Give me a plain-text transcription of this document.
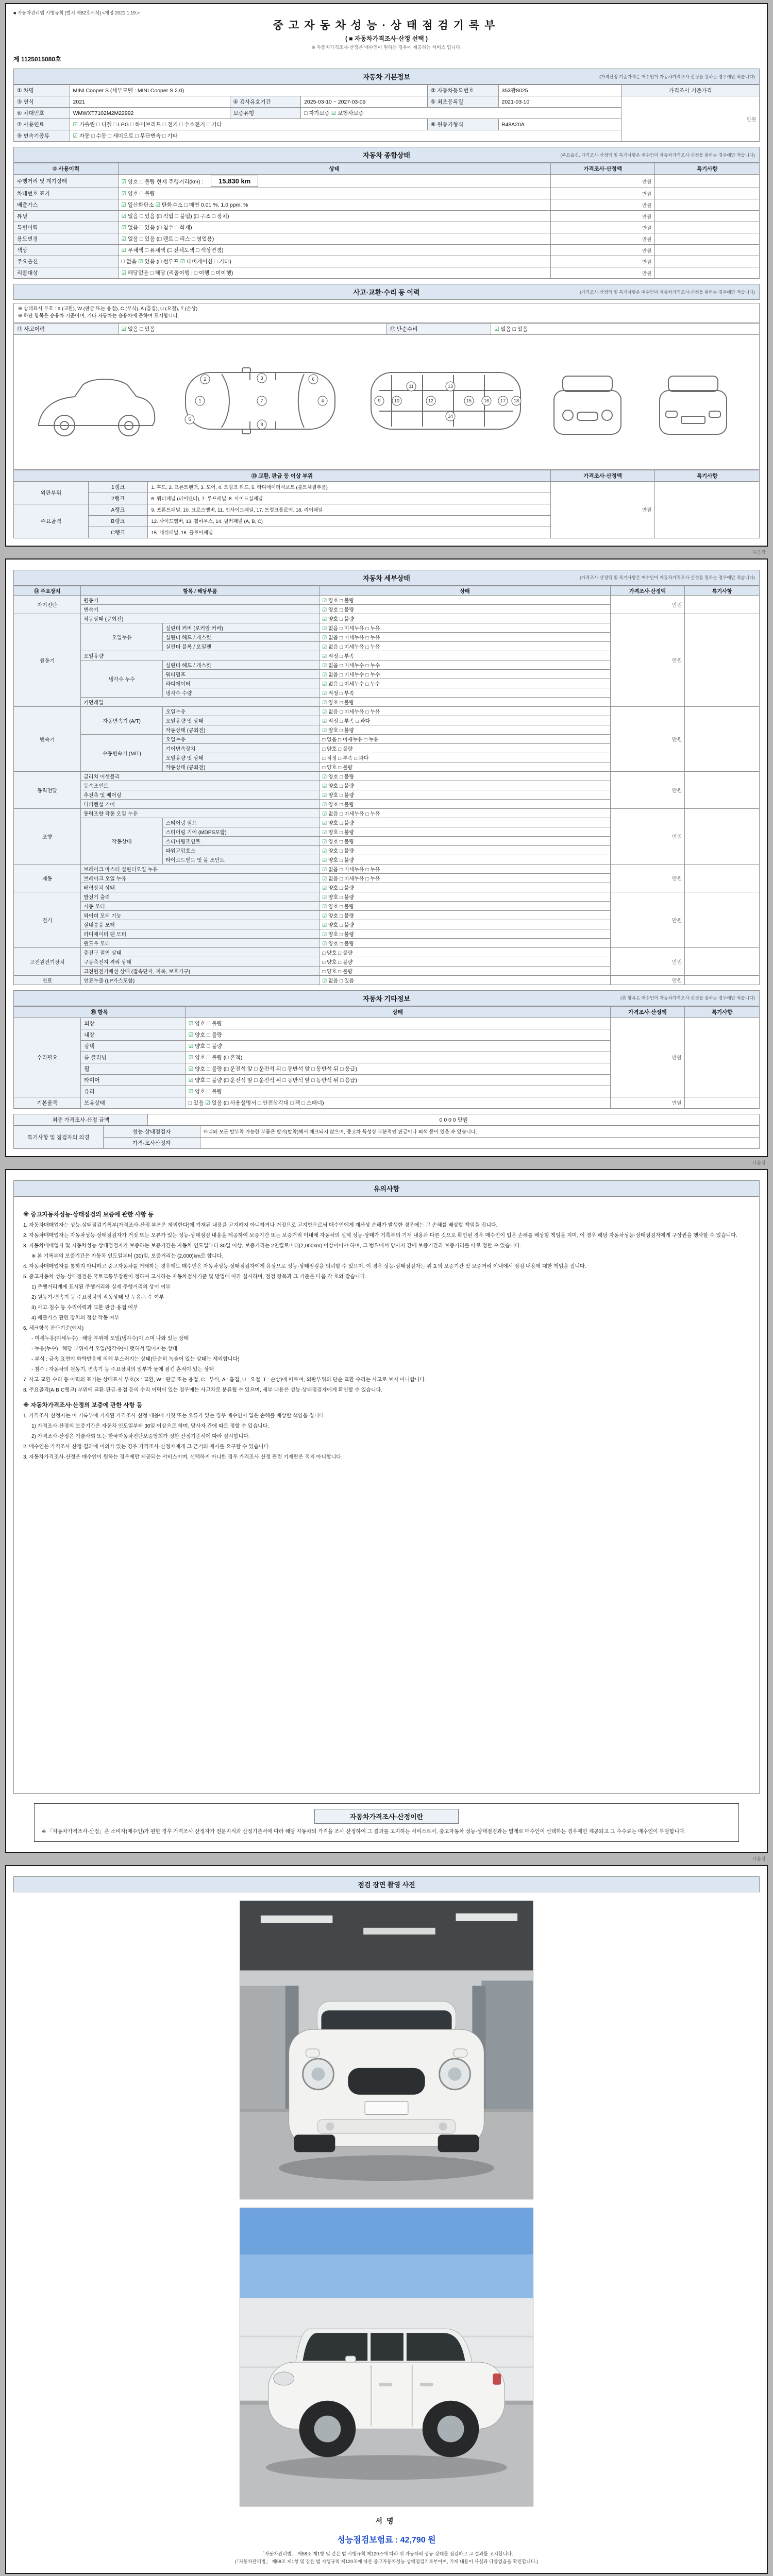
■ 자동차관리법 시행규칙 [별지 제82호서식] <개정 2021.1.19.>
중고자동차성능·상태점검기록부
( ■ 자동차가격조사·산정 선택 )
※ 자동차가격조사·산정은 매수인이 원하는 경우에 제공하는 서비스 입니다.
제 1125015080호
자동차 기본정보	(가격산정 기준가격은 매수인이 자동차가격조사·산정을 원하는 경우에만 적습니다)
① 차명	MINI Cooper S (세부모델 : MINI Cooper S 2.0)			② 자동차등록번호	353광8025	가격조사 기준가격
③ 연식	2021	④ 검사유효기간	2025-03-10 ~ 2027-03-09	⑤ 최초등록일	2021-03-10	만원
⑥ 차대번호	WMWXT7102M2M22992	보증유형	□ 자가보증 ☑ 보험사보증			
⑦ 사용연료	☑ 가솔린 □ 디젤 □ LPG □ 하이브리드 □ 전기 □ 수소전기 □ 기타			⑧ 원동기형식	B48A20A	
⑨ 변속기종류	☑ 자동 □ 수동 □ 세미오토 □ 무단변속 □ 기타					
자동차 종합상태	(주요옵션, 가격조사·산정액 및 특기사항은 매수인이 자동차가격조사·산정을 원하는 경우에만 적습니다)
⑩ 사용이력	상태	가격조사·산정액	특기사항
주행거리 및 계기상태	☑ 양호 □ 불량 현재 주행거리(km) : 15,830 km	만원	
차대번호 표기	☑ 양호 □ 불량	만원	
배출가스	☑ 일산화탄소 ☑ 탄화수소 □ 매연 0.01 %, 1.0 ppm, %	만원	
튜닝	☑ 없음 □ 있음 (□ 적법 □ 불법) (□ 구조 □ 장치)	만원	
특별이력	☑ 없음 □ 있음 (□ 침수 □ 화재)	만원	
용도변경	☑ 없음 □ 있음 (□ 렌트 □ 리스 □ 영업용)	만원	
색상	☑ 무채색 □ 유채색 (□ 전체도색 □ 색상변경)	만원	
주요옵션	□ 없음 ☑ 있음 (□ 썬루프 ☑ 네비게이션 □ 기타)	만원	
리콜대상	☑ 해당없음 □ 해당 (리콜이행 : □ 이행 □ 미이행)	만원	
사고·교환·수리 등 이력	(가격조사·산정액 및 특기사항은 매수인이 자동차가격조사·산정을 원하는 경우에만 적습니다)
※ 상태표시 부호 : X (교환), W (판금 또는 용접), C (부식), A (흠집), U (요철), T (손상)
※ 하단 항목은 승용차 기준이며, 기타 자동차는 승용차에 준하여 표시합니다.
⑪ 사고이력	☑ 없음 □ 있음	⑫ 단순수리	☑ 없음 □ 있음
1
2	3
4
5
6
7
8
9	10
11
12
13
14
15	16 17 18
⑬ 교환, 판금 등 이상 부위			가격조사·산정액	특기사항
외판부위	1랭크	1. 후드, 2. 프론트펜더, 3. 도어, 4. 트렁크 리드, 5. 라디에이터서포트 (볼트체결부품)	만원	
	2랭크	6. 쿼터패널 (리어펜더), 7. 루프패널, 8. 사이드실패널		
주요골격	A랭크	9. 프론트패널, 10. 크로스멤버, 11. 인사이드패널, 17. 트렁크플로어, 18. 리어패널		
	B랭크	12. 사이드멤버, 13. 휠하우스, 14. 필러패널 (A, B, C)		
	C랭크	15. 대쉬패널, 16. 플로어패널		
다음장
자동차 세부상태	(가격조사·산정액 및 특기사항은 매수인이 자동차가격조사·산정을 원하는 경우에만 적습니다)
⑭ 주요장치	항목 / 해당부품		상태	가격조사·산정액	특기사항
자기진단	원동기		☑ 양호 □ 불량	만원	
	변속기		☑ 양호 □ 불량		
원동기	작동상태 (공회전)		☑ 양호 □ 불량	만원	
	오일누유	실린더 커버 (로커암 커버)	☑ 없음 □ 미세누유 □ 누유		
		실린더 헤드 / 개스킷	☑ 없음 □ 미세누유 □ 누유		
		실린더 블록 / 오일팬	☑ 없음 □ 미세누유 □ 누유		
	오일유량		☑ 적정 □ 부족		
	냉각수 누수	실린더 헤드 / 개스킷	☑ 없음 □ 미세누수 □ 누수		
		워터펌프	☑ 없음 □ 미세누수 □ 누수		
		라디에이터	☑ 없음 □ 미세누수 □ 누수		
		냉각수 수량	☑ 적정 □ 부족		
	커먼레일		☑ 양호 □ 불량		
변속기	자동변속기 (A/T)	오일누유	☑ 없음 □ 미세누유 □ 누유	만원	
		오일유량 및 상태	☑ 적정 □ 부족 □ 과다		
		작동상태 (공회전)	☑ 양호 □ 불량		
	수동변속기 (M/T)	오일누유	□ 없음 □ 미세누유 □ 누유		
		기어변속장치	□ 양호 □ 불량		
		오일유량 및 상태	□ 적정 □ 부족 □ 과다		
		작동상태 (공회전)	□ 양호 □ 불량		
동력전달	클러치 어셈블리		☑ 양호 □ 불량	만원	
	등속조인트		☑ 양호 □ 불량		
	추진축 및 베어링		☑ 양호 □ 불량		
	디퍼렌셜 기어		☑ 양호 □ 불량		
조향	동력조향 작동 오일 누유		☑ 없음 □ 미세누유 □ 누유	만원	
	작동상태	스티어링 펌프	☑ 양호 □ 불량		
		스티어링 기어 (MDPS포함)	☑ 양호 □ 불량		
		스티어링조인트	☑ 양호 □ 불량		
		파워고압호스	☑ 양호 □ 불량		
		타이로드엔드 및 볼 조인트	☑ 양호 □ 불량		
제동	브레이크 마스터 실린더오일 누유		☑ 없음 □ 미세누유 □ 누유	만원	
	브레이크 오일 누유		☑ 없음 □ 미세누유 □ 누유		
	배력장치 상태		☑ 양호 □ 불량		
전기	발전기 출력		☑ 양호 □ 불량	만원	
	시동 모터		☑ 양호 □ 불량		
	와이퍼 모터 기능		☑ 양호 □ 불량		
	실내송풍 모터		☑ 양호 □ 불량		
	라디에이터 팬 모터		☑ 양호 □ 불량		
	윈도우 모터		☑ 양호 □ 불량		
고전원전기장치	충전구 절연 상태		□ 양호 □ 불량	만원	
	구동축전지 격리 상태		□ 양호 □ 불량		
	고전원전기배선 상태 (접속단자, 피복, 보호기구)		□ 양호 □ 불량		
연료	연료누출 (LP가스포함)		☑ 없음 □ 있음	만원	
자동차 기타정보	(⑮ 항목은 매수인이 자동차가격조사·산정을 원하는 경우에만 적습니다)
⑮ 항목		상태	가격조사·산정액	특기사항
수리필요	외장	☑ 양호 □ 불량	만원	
	내장	☑ 양호 □ 불량		
	광택	☑ 양호 □ 불량		
	룸 클리닝	☑ 양호 □ 불량 (□ 흔적)		
	휠	☑ 양호 □ 불량 (□ 운전석 앞 □ 운전석 뒤 □ 동반석 앞 □ 동반석 뒤 □ 응급)		
	타이어	☑ 양호 □ 불량 (□ 운전석 앞 □ 운전석 뒤 □ 동반석 앞 □ 동반석 뒤 □ 응급)		
	유리	☑ 양호 □ 불량		
기본품목	보유상태	□ 있음 ☑ 없음 (□ 사용설명서 □ 안전삼각대 □ 잭 □ 스패너)	만원	
최종 가격조사·산정 금액	0 0 0 0 만원
특기사항 및 점검자의 의견	성능·상태점검자	바디와 모든 탈부착 가능한 부품은 탈거(탈착)해서 체크되지 않으며, 중고차 특성상 부분적인 판금이나 퇴색 등이 있을 수 있습니다.
	가격·조사산정자	
다음장
유의사항
※ 중고자동차성능·상태점검의 보증에 관한 사항 등
1. 자동차매매업자는 성능·상태점검기록부(가격조사·산정 부분은 제외한다)에 기재된 내용을 고지하지 아니하거나 거짓으로 고지함으로써 매수인에게 재산상 손해가 발생한 경우에는 그 손해를 배상할 책임을 집니다.
2. 자동차매매업자는 자동차성능·상태점검자가 거짓 또는 오류가 있는 성능·상태점검 내용을 제공하여 보증기간 또는 보증거리 이내에 자동차의 실제 성능·상태가 기록부의 기재 내용과 다른 것으로 확인된 경우 매수인이 입은 손해를 배상할 책임을 지며, 이 경우 해당 자동차성능·상태점검자에게 구상권을 행사할 수 있습니다.
3. 자동차매매업자 및 자동차성능·상태점검자가 보증하는 보증기간은 자동차 인도일부터 30일 이상, 보증거리는 2천킬로미터(2,000km) 이상이어야 하며, 그 범위에서 당사자 간에 보증기간과 보증거리를 따로 정할 수 있습니다.
※ 본 기록부의 보증기간은 자동차 인도일부터 (30)일, 보증거리는 (2,000)km로 합니다.
4. 자동차매매업자를 통하지 아니하고 중고자동차를 거래하는 경우에도 매수인은 자동차성능·상태점검자에게 유상으로 성능·상태점검을 의뢰할 수 있으며, 이 경우 성능·상태점검자는 위 3.의 보증기간 및 보증거리 이내에서 점검 내용에 대한 책임을 집니다.
5. 중고자동차 성능·상태점검은 국토교통부장관이 정하여 고시하는 자동차검사기준 및 방법에 따라 실시하며, 점검 항목과 그 기준은 다음 각 호와 같습니다.
1) 주행거리계에 표시된 주행거리와 실제 주행거리의 상이 여부
2) 원동기·변속기 등 주요장치의 작동상태 및 누유·누수 여부
3) 사고·침수 등 수리이력과 교환·판금·용접 여부
4) 배출가스 관련 장치의 정상 작동 여부
6. 체크항목 판단기준(예시)
- 미세누유(미세누수) : 해당 부위에 오일(냉각수)이 스며 나와 있는 상태
- 누유(누수) : 해당 부위에서 오일(냉각수)이 맺혀서 떨어지는 상태
- 부식 : 금속 표면이 화학반응에 의해 부스러지는 상태(단순히 녹슬어 있는 상태는 제외합니다)
- 침수 : 자동차의 원동기, 변속기 등 주요장치의 일부가 물에 잠긴 흔적이 있는 상태
7. 사고·교환·수리 등 이력의 표기는 상태표시 부호(X : 교환, W : 판금 또는 용접, C : 부식, A : 흠집, U : 요철, T : 손상)에 따르며, 외판부위의 단순 교환·수리는 사고로 보지 아니합니다.
8. 주요골격(A·B·C랭크) 부위에 교환·판금·용접 등의 수리 이력이 있는 경우에는 사고차로 분류될 수 있으며, 세부 내용은 성능·상태점검자에게 확인할 수 있습니다.
※ 자동차가격조사·산정의 보증에 관한 사항 등
1. 가격조사·산정자는 이 기록부에 기재된 가격조사·산정 내용에 거짓 또는 오류가 있는 경우 매수인이 입은 손해를 배상할 책임을 집니다.
1) 가격조사·산정의 보증기간은 자동차 인도일부터 30일 이상으로 하며, 당사자 간에 따로 정할 수 있습니다.
2) 가격조사·산정은 기술사회 또는 한국자동차진단보증협회가 정한 산정기준서에 따라 실시합니다.
2. 매수인은 가격조사·산정 결과에 이의가 있는 경우 가격조사·산정자에게 그 근거의 제시를 요구할 수 있습니다.
3. 자동차가격조사·산정은 매수인이 원하는 경우에만 제공되는 서비스이며, 선택하지 아니한 경우 가격조사·산정 관련 기재란은 적지 아니합니다.
자동차가격조사·산정이란
※ 「자동차가격조사·산정」은 소비자(매수인)가 원할 경우 가격조사·산정자가 전문지식과 산정기준서에 따라 해당 자동차의 가격을 조사·산정하여 그 결과를 고지하는 서비스로서, 중고자동차 성능·상태점검과는 별개로 매수인이 선택하는 경우에만 제공되고 그 수수료는 매수인이 부담합니다.
다음장
점검 장면 촬영 사진
서명
성능점검보험료 : 42,790 원
「자동차관리법」 제58조 제1항 및 같은 법 시행규칙 제120조에 따라 위 자동차의 성능·상태를 점검하고 그 결과를 고지합니다.
(「자동차관리법」 제58조 제1항 및 같은 법 시행규칙 제120조에 따른 중고자동차성능·상태점검기록부이며, 기재 내용이 사실과 다름없음을 확인합니다.)
